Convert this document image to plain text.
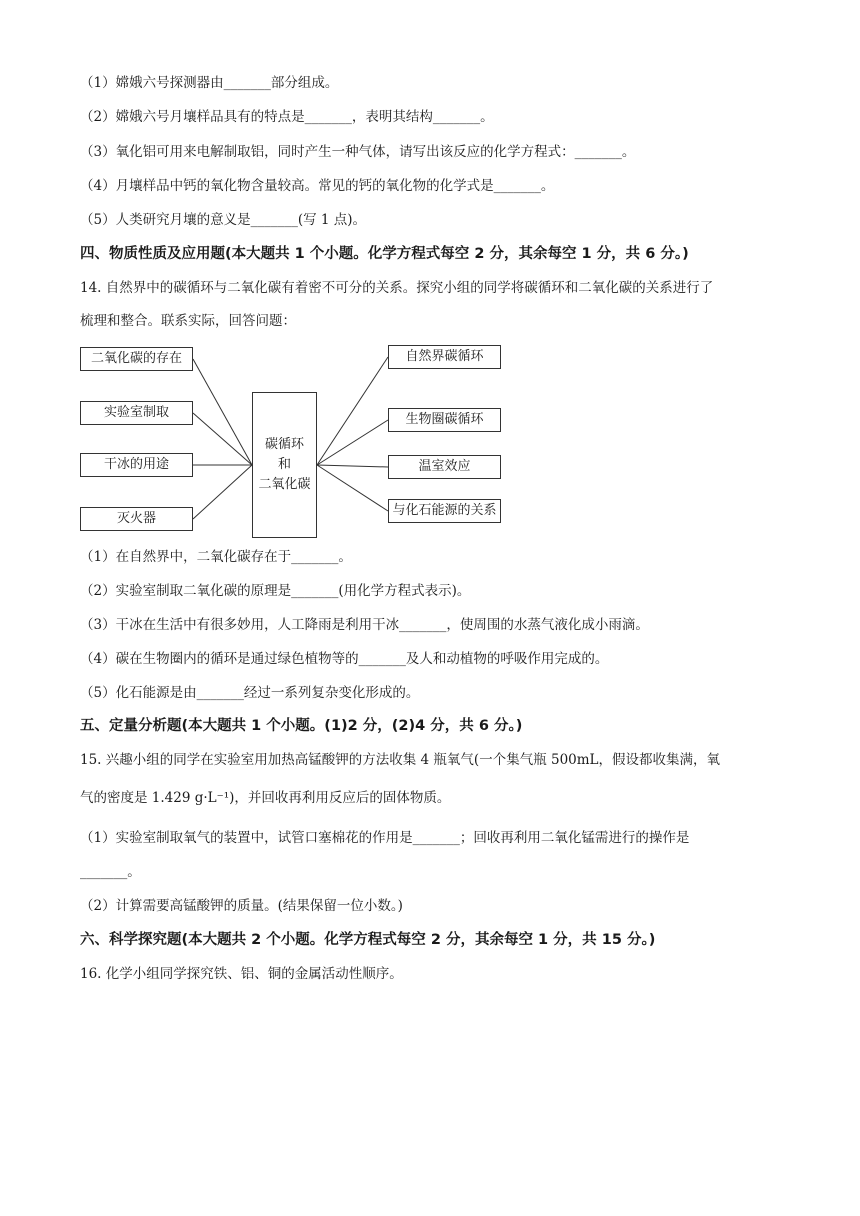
（1）嫦娥六号探测器由_______部分组成。
（2）嫦娥六号月壤样品具有的特点是_______，表明其结构_______。
（3）氧化铝可用来电解制取铝，同时产生一种气体，请写出该反应的化学方程式：_______。
（4）月壤样品中钙的氧化物含量较高。常见的钙的氧化物的化学式是_______。
（5）人类研究月壤的意义是_______(写 1 点)。
四、物质性质及应用题(本大题共 1 个小题。化学方程式每空 2 分，其余每空 1 分，共 6 分。)
14. 自然界中的碳循环与二氧化碳有着密不可分的关系。探究小组的同学将碳循环和二氧化碳的关系进行了
梳理和整合。联系实际，回答问题：
二氧化碳的存在
实验室制取
干冰的用途
灭火器
碳循环
和
二氧化碳
自然界碳循环
生物圈碳循环
温室效应
与化石能源的关系
（1）在自然界中，二氧化碳存在于_______。
（2）实验室制取二氧化碳的原理是_______(用化学方程式表示)。
（3）干冰在生活中有很多妙用，人工降雨是利用干冰_______，使周围的水蒸气液化成小雨滴。
（4）碳在生物圈内的循环是通过绿色植物等的_______及人和动植物的呼吸作用完成的。
（5）化石能源是由_______经过一系列复杂变化形成的。
五、定量分析题(本大题共 1 个小题。(1)2 分，(2)4 分，共 6 分。)
15. 兴趣小组的同学在实验室用加热高锰酸钾的方法收集 4 瓶氧气(一个集气瓶 500mL，假设都收集满，氧
气的密度是 1.429 g·L⁻¹)，并回收再利用反应后的固体物质。
（1）实验室制取氧气的装置中，试管口塞棉花的作用是_______；回收再利用二氧化锰需进行的操作是
_______。
（2）计算需要高锰酸钾的质量。(结果保留一位小数。)
六、科学探究题(本大题共 2 个小题。化学方程式每空 2 分，其余每空 1 分，共 15 分。)
16. 化学小组同学探究铁、铝、铜的金属活动性顺序。
